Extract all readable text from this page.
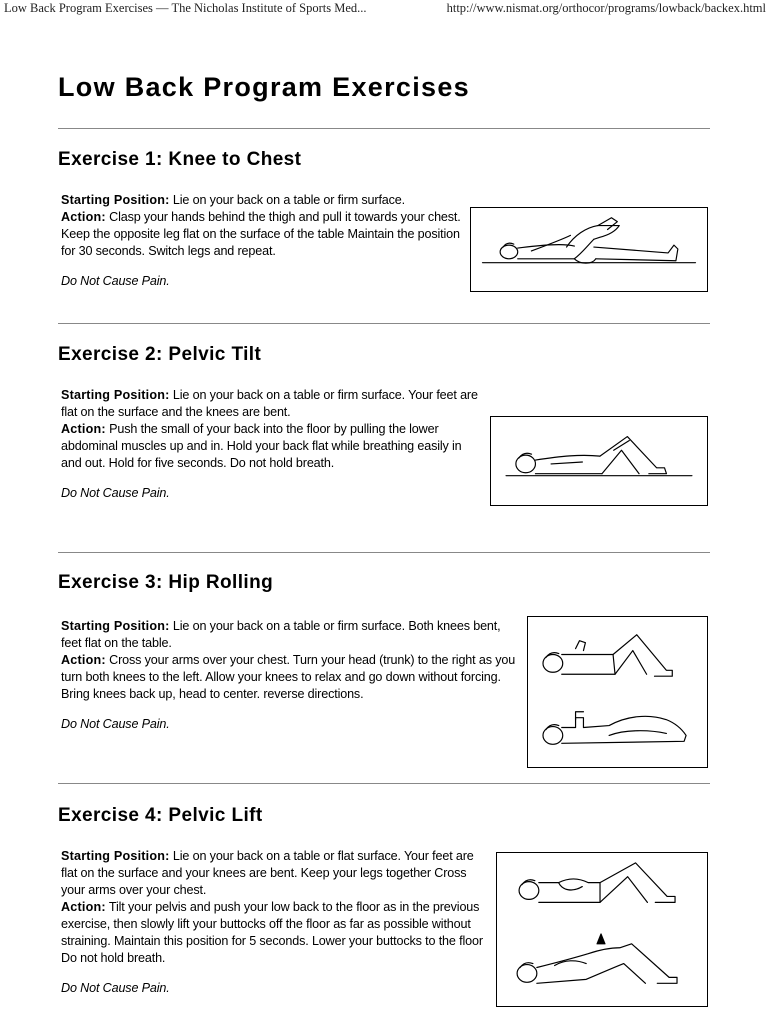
Low Back Program Exercises — The Nicholas Institute of Sports Med...	http://www.nismat.org/orthocor/programs/lowback/backex.html
Low Back Program Exercises
Exercise 1: Knee to Chest

Starting Position: Lie on your back on a table or firm surface.
Action: Clasp your hands behind the thigh and pull it towards your chest. Keep the opposite leg flat on the surface of the table Maintain the position for 30 seconds. Switch legs and repeat.

Do Not Cause Pain.

Exercise 2: Pelvic Tilt

Starting Position: Lie on your back on a table or firm surface. Your feet are flat on the surface and the knees are bent.
Action: Push the small of your back into the floor by pulling the lower abdominal muscles up and in. Hold your back flat while breathing easily in and out. Hold for five seconds. Do not hold breath.

Do Not Cause Pain.

Exercise 3: Hip Rolling

Starting Position: Lie on your back on a table or firm surface. Both knees bent, feet flat on the table.
Action: Cross your arms over your chest. Turn your head (trunk) to the right as you turn both knees to the left. Allow your knees to relax and go down without forcing. Bring knees back up, head to center. reverse directions.

Do Not Cause Pain.

Exercise 4: Pelvic Lift

Starting Position: Lie on your back on a table or flat surface. Your feet are flat on the surface and your knees are bent. Keep your legs together Cross your arms over your chest.
Action: Tilt your pelvis and push your low back to the floor as in the previous exercise, then slowly lift your buttocks off the floor as far as possible without straining. Maintain this position for 5 seconds. Lower your buttocks to the floor Do not hold breath.

Do Not Cause Pain.
